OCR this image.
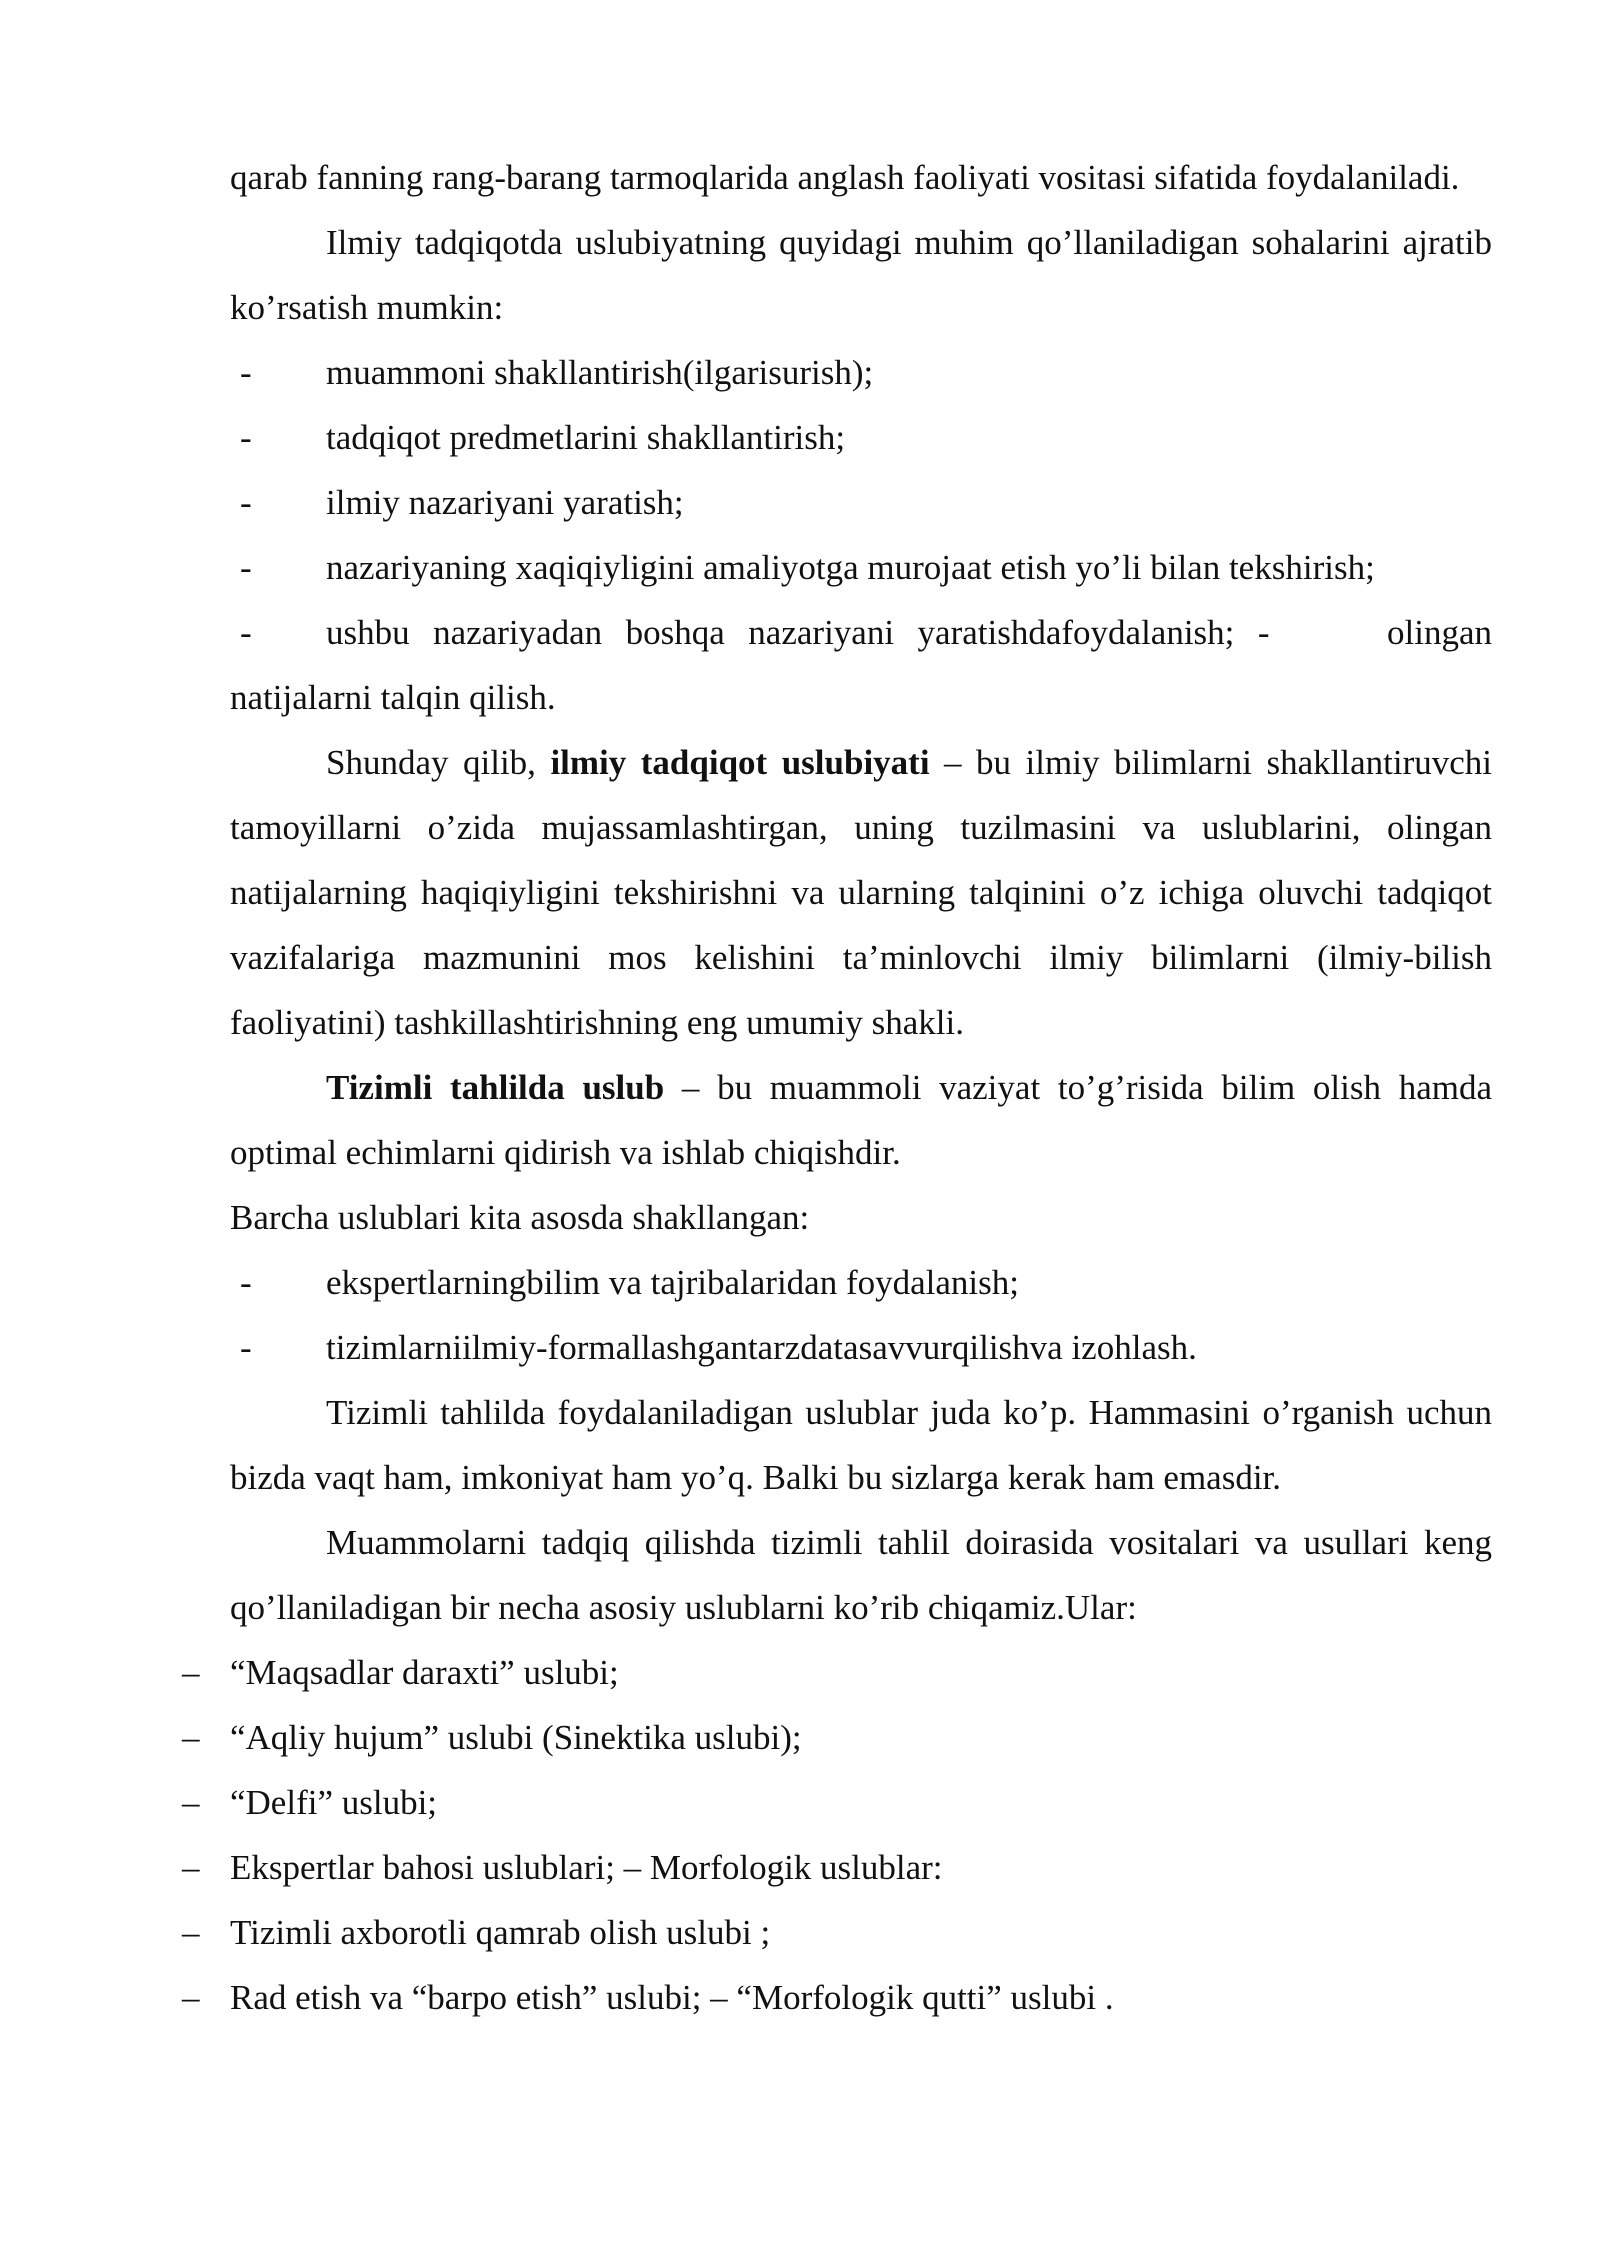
qarab fanning rang-barang tarmoqlarida anglash faoliyati vositasi sifatida foydalaniladi.

Ilmiy tadqiqotda uslubiyatning quyidagi muhim qo’llaniladigan sohalarini ajratib ko’rsatish mumkin:

- muammoni shakllantirish(ilgarisurish);
- tadqiqot predmetlarini shakllantirish;
- ilmiy nazariyani yaratish;
- nazariyaning xaqiqiyligini amaliyotga murojaat etish yo’li bilan tekshirish;
- ushbu nazariyadan boshqa nazariyani yaratishdafoydalanish; -     olingan natijalarni talqin qilish.

Shunday qilib, ilmiy tadqiqot uslubiyati – bu ilmiy bilimlarni shakllantiruvchi tamoyillarni o’zida mujassamlashtirgan, uning tuzilmasini va uslublarini, olingan natijalarning haqiqiyligini tekshirishni va ularning talqinini o’z ichiga oluvchi tadqiqot vazifalariga mazmunini mos kelishini ta’minlovchi ilmiy bilimlarni (ilmiy-bilish faoliyatini) tashkillashtirishning eng umumiy shakli.

Tizimli tahlilda uslub – bu muammoli vaziyat to’g’risida bilim olish hamda optimal echimlarni qidirish va ishlab chiqishdir.

Barcha uslublari kita asosda shakllangan:

- ekspertlarningbilim va tajribalaridan foydalanish;
- tizimlarniilmiy-formallashgantarzdatasavvurqilishva izohlash.

Tizimli tahlilda foydalaniladigan uslublar juda ko’p. Hammasini o’rganish uchun bizda vaqt ham, imkoniyat ham yo’q. Balki bu sizlarga kerak ham emasdir.

Muammolarni tadqiq qilishda tizimli tahlil doirasida vositalari va usullari keng qo’llaniladigan bir necha asosiy uslublarni ko’rib chiqamiz.Ular:

– “Maqsadlar daraxti” uslubi;
– “Aqliy hujum” uslubi (Sinektika uslubi);
– “Delfi” uslubi;
– Ekspertlar bahosi uslublari; – Morfologik uslublar:
– Tizimli axborotli qamrab olish uslubi ;
– Rad etish va “barpo etish” uslubi; – “Morfologik qutti” uslubi .
